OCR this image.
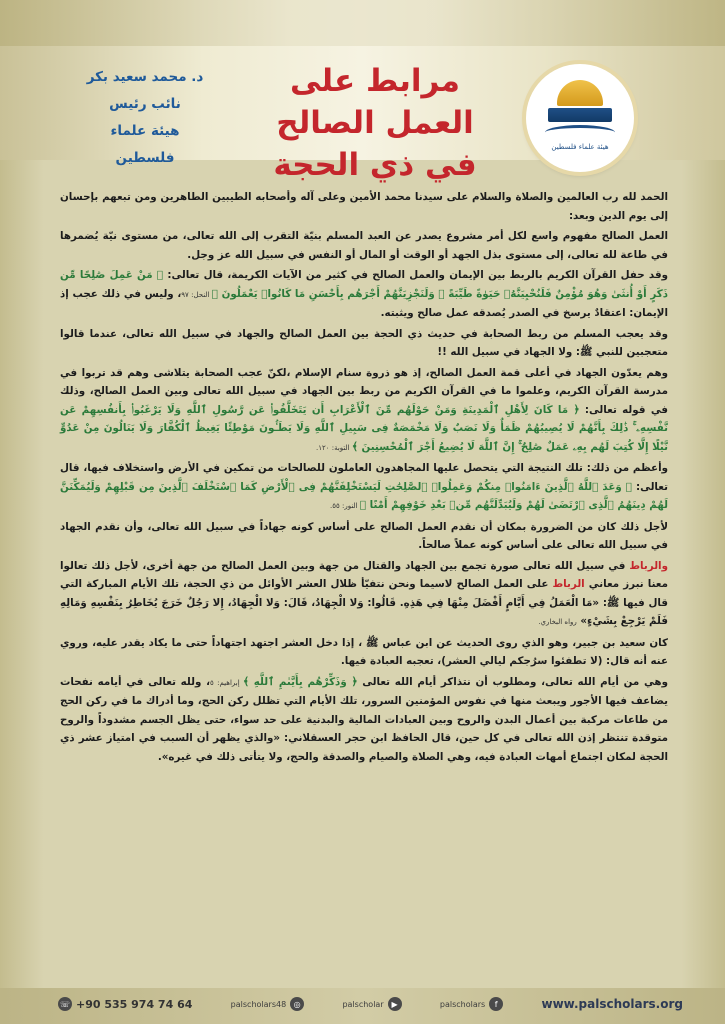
هيئة علماء فلسطين
مرابط على
العمل الصالح
في ذي الحجة
د. محمد سعيد بكر
نائب رئيس
هيئة علماء فلسطين

الحمد لله رب العالمين والصلاة والسلام على سيدنا محمد الأمين وعلى آله وأصحابه الطيبين الطاهرين ومن تبعهم بإحسان إلى يوم الدين وبعد:

العمل الصالح مفهوم واسع لكل أمر مشروع يصدر عن العبد المسلم بنيّة التقرب إلى الله تعالى، من مستوى نيّة يُضمرها في طاعة لله تعالى، إلى مستوى بذل الجهد أو الوقت أو المال أو النفس في سبيل الله عز وجل.

وقد حفل القرآن الكريم بالربط بين الإيمان والعمل الصالح في كثير من الآيات الكريمة، قال تعالى: ﴿ مَنْ عَمِلَ صَٰلِحًا مِّن ذَكَرٍ أَوْ أُنثَىٰ وَهُوَ مُؤْمِنٌ فَلَنُحْيِيَنَّهُۥ حَيَوٰةً طَيِّبَةً ۖ وَلَنَجْزِيَنَّهُمْ أَجْرَهُم بِأَحْسَنِ مَا كَانُوا۟ يَعْمَلُونَ ﴾ النحل: ٩٧، وليس في ذلك عجب إذ الإيمان: اعتقادٌ يرسخ في الصدر يُصدقه عمل صالح ويثبته.

وقد يعجب المسلم من ربط الصحابة في حديث ذي الحجة بين العمل الصالح والجهاد في سبيل الله تعالى، عندما قالوا متعجبين للنبي ﷺ: ولا الجهاد في سبيل الله !!

وهم يعدّون الجهاد في أعلى قمة العمل الصالح، إذ هو ذروة سنام الإسلام ،لكنّ عجب الصحابة يتلاشى وهم قد تربوا في مدرسة القرآن الكريم، وعلموا ما في القرآن الكريم من ربط بين الجهاد في سبيل الله تعالى وبين العمل الصالح، وذلك في قوله تعالى: ﴿ مَا كَانَ لِأَهْلِ ٱلْمَدِينَةِ وَمَنْ حَوْلَهُم مِّنَ ٱلْأَعْرَابِ أَن يَتَخَلَّفُوا۟ عَن رَّسُولِ ٱللَّهِ وَلَا يَرْغَبُوا۟ بِأَنفُسِهِمْ عَن نَّفْسِهِۦ ۚ ذَٰلِكَ بِأَنَّهُمْ لَا يُصِيبُهُمْ ظَمَأٌ وَلَا نَصَبٌ وَلَا مَخْمَصَةٌ فِى سَبِيلِ ٱللَّهِ وَلَا يَطَـُٔونَ مَوْطِئًا يَغِيظُ ٱلْكُفَّارَ وَلَا يَنَالُونَ مِنْ عَدُوٍّ نَّيْلًا إِلَّا كُتِبَ لَهُم بِهِۦ عَمَلٌ صَٰلِحٌ ۚ إِنَّ ٱللَّهَ لَا يُضِيعُ أَجْرَ ٱلْمُحْسِنِينَ ﴾ التوبة: ١٢٠.

وأعظم من ذلك: تلك النتيجة التي يتحصل عليها المجاهدون العاملون للصالحات من تمكين في الأرض واستخلاف فيها، قال تعالى: ﴿ وَعَدَ ٱللَّهُ ٱلَّذِينَ ءَامَنُوا۟ مِنكُمْ وَعَمِلُوا۟ ٱلصَّٰلِحَٰتِ لَيَسْتَخْلِفَنَّهُمْ فِى ٱلْأَرْضِ كَمَا ٱسْتَخْلَفَ ٱلَّذِينَ مِن قَبْلِهِمْ وَلَيُمَكِّنَنَّ لَهُمْ دِينَهُمُ ٱلَّذِى ٱرْتَضَىٰ لَهُمْ وَلَيُبَدِّلَنَّهُم مِّنۢ بَعْدِ خَوْفِهِمْ أَمْنًا ﴾ النور: ٥٥.

لأجل ذلك كان من الضرورة بمكان أن نقدم العمل الصالح على أساس كونه جهاداً في سبيل الله تعالى، وأن نقدم الجهاد في سبيل الله تعالى على أساس كونه عملاً صالحاً.

والرباط في سبيل الله تعالى صورة تجمع بين الجهاد والقتال من جهة وبين العمل الصالح من جهة أخرى، لأجل ذلك تعالوا معنا نبرز معاني الرباط على العمل الصالح لاسيما ونحن نتفيّأ ظلال العشر الأوائل من ذي الحجة، تلك الأيام المباركة التي قال فيها ﷺ: «مَا الْعَمَلُ فِي أَيَّامٍ أَفْضَلَ مِنْهَا فِي هَذِهِ. قَالُوا: وَلا الْجِهَادُ، قَالَ: وَلا الْجِهَادُ، إِلا رَجُلٌ خَرَجَ يُخَاطِرُ بِنَفْسِهِ وَمَالِهِ فَلَمْ يَرْجِعْ بِشَيْءٍ» رواه البخاري.

كان سعيد بن جبير، وهو الذي روى الحديث عن ابن عباس ﷺ ، إذا دخل العشر اجتهد اجتهاداً حتى ما يكاد يقدر عليه، وروي عنه أنه قال: (لا تطفئوا سرُجكم ليالي العشر)، تعجبه العبادة فيها.

وهي من أيام الله تعالى، ومطلوب أن نتذاكر أيام الله تعالى ﴿ وَذَكِّرْهُم بِأَيَّىٰمِ ٱللَّهِ ﴾ إبراهيم: ٥، ولله تعالى في أيامه نفحات يضاعف فيها الأجور ويبعث منها في نفوس المؤمنين السرور، تلك الأيام التي تظلل ركن الحج، وما أدراك ما في ركن الحج من طاعات مركبة بين أعمال البدن والروح وبين العبادات المالية والبدنية على حد سواء، حتى يظل الجسم مشدوداً والروح متوقدة تنتظر إذن الله تعالى في كل حين، قال الحافظ ابن حجر العسقلاني: «والذي يظهر أن السبب في امتياز عشر ذي الحجة لمكان اجتماع أمهات العبادة فيه، وهي الصلاة والصيام والصدقة والحج، ولا يتأتى ذلك في غيره».

☏ +90 535 974 74 64	palscholars48 ◎	palscholar ▶	palscholars	f	www.palscholars.org
